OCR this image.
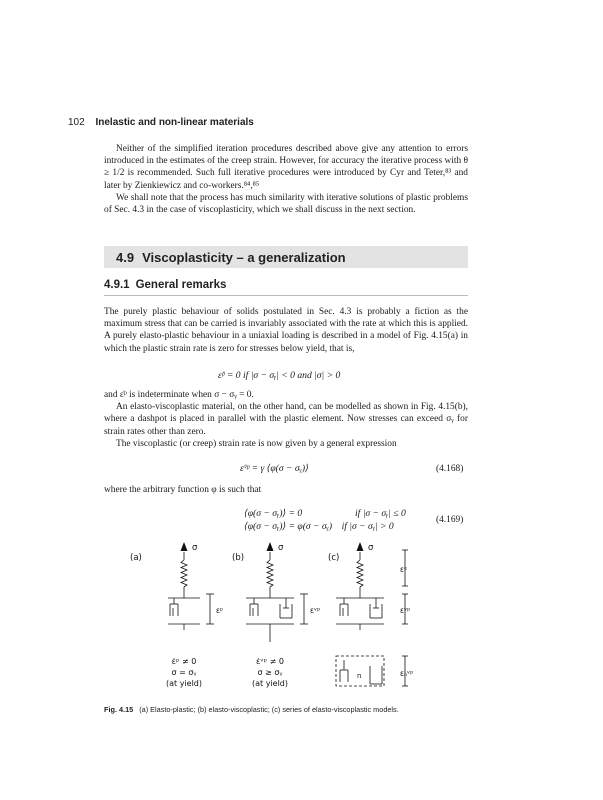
102 Inelastic and non-linear materials

Neither of the simplified iteration procedures described above give any attention to errors introduced in the estimates of the creep strain. However, for accuracy the iterative process with θ ≥ 1/2 is recommended. Such full iterative procedures were introduced by Cyr and Teter,⁸³ and later by Zienkiewicz and co-workers.⁸⁴,⁸⁵

We shall note that the process has much similarity with iterative solutions of plastic problems of Sec. 4.3 in the case of viscoplasticity, which we shall discuss in the next section.

4.9 Viscoplasticity – a generalization
4.9.1 General remarks

The purely plastic behaviour of solids postulated in Sec. 4.3 is probably a fiction as the maximum stress that can be carried is invariably associated with the rate at which this is applied. A purely elasto-plastic behaviour in a uniaxial loading is described in a model of Fig. 4.15(a) in which the plastic strain rate is zero for stresses below yield, that is,

ε̇ᵖ = 0 if |σ − σᵧ| < 0 and |σ| > 0

and ε̇ᵖ is indeterminate when σ − σᵧ = 0.

An elasto-viscoplastic material, on the other hand, can be modelled as shown in Fig. 4.15(b), where a dashpot is placed in parallel with the plastic element. Now stresses can exceed σᵧ for strain rates other than zero.

The viscoplastic (or creep) strain rate is now given by a general expression

ε̇ᵛᵖ = γ ⟨φ(σ − σᵧ)⟩	(4.168)

where the arbitrary function φ is such that

⟨φ(σ − σᵧ)⟩ = 0                      if |σ − σᵧ| ≤ 0
⟨φ(σ − σᵧ)⟩ = φ(σ − σᵧ)    if |σ − σᵧ| > 0
(4.169)
(a)
σ
εᵖ
(b)
σ
εᵛᵖ
(c)
σ
εᵉ
εᵛᵖ
εₙᵛᵖ
n
ε̇ᵖ ≠ 0
σ = σᵧ
(at yield)
ε̇ᵛᵖ ≠ 0
σ ≥ σᵧ
(at yield)
Fig. 4.15 (a) Elasto-plastic; (b) elasto-viscoplastic; (c) series of elasto-viscoplastic models.
